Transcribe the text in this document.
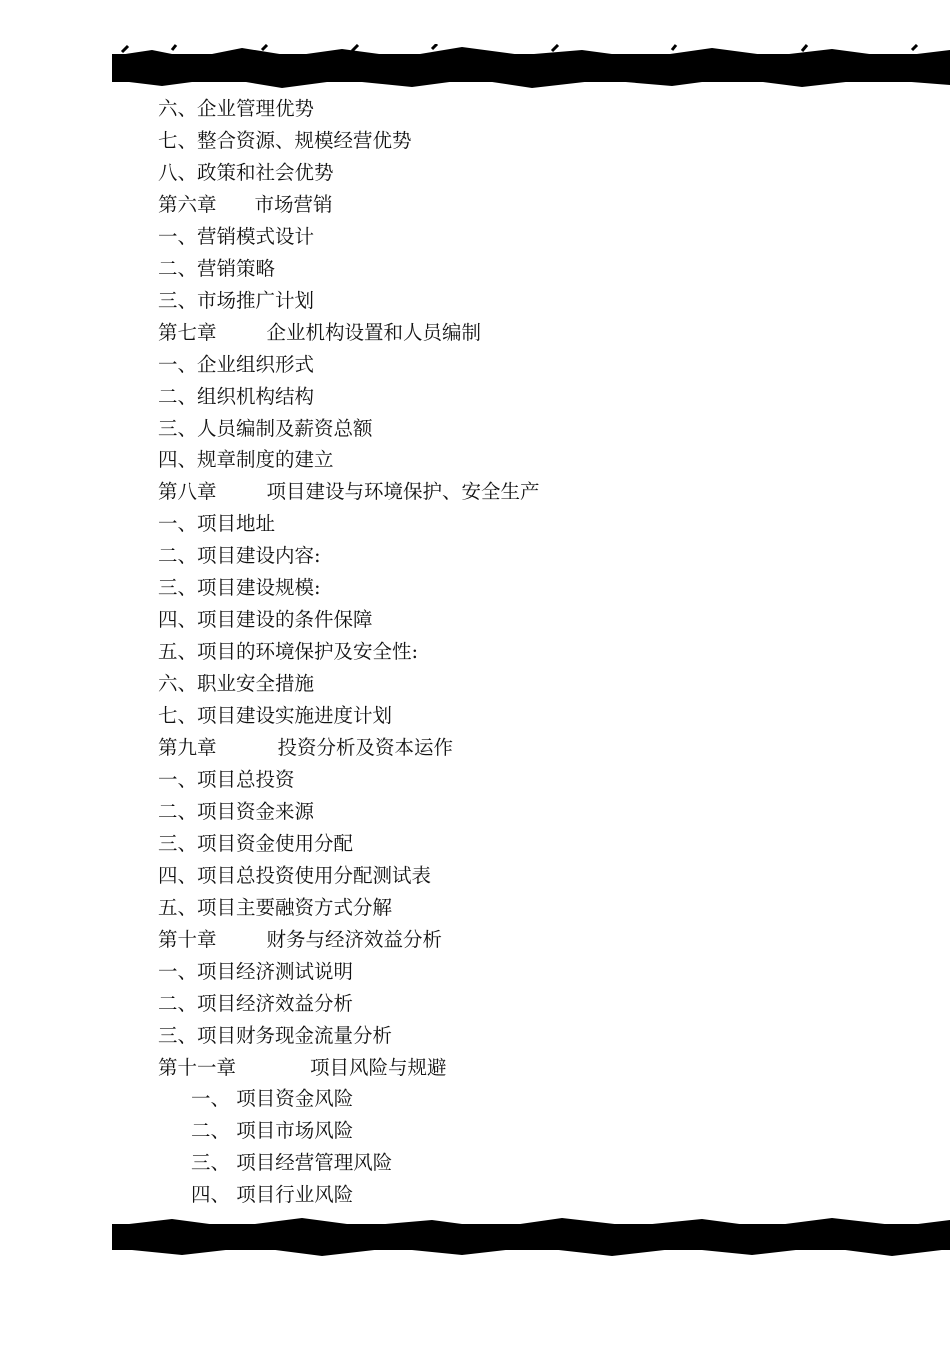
六、企业管理优势
七、整合资源、规模经营优势
八、政策和社会优势
第六章 市场营销
一、营销模式设计
二、营销策略
三、市场推广计划
第七章	企业机构设置和人员编制
一、企业组织形式
二、组织机构结构
三、人员编制及薪资总额
四、规章制度的建立
第八章	项目建设与环境保护、安全生产
一、项目地址
二、项目建设内容:
三、项目建设规模:
四、项目建设的条件保障
五、项目的环境保护及安全性:
六、职业安全措施
七、项目建设实施进度计划
第九章	投资分析及资本运作
一、项目总投资
二、项目资金来源
三、项目资金使用分配
四、项目总投资使用分配测试表
五、项目主要融资方式分解
第十章	财务与经济效益分析
一、项目经济测试说明
二、项目经济效益分析
三、项目财务现金流量分析
第十一章	项目风险与规避
一、 项目资金风险
二、 项目市场风险
三、 项目经营管理风险
四、 项目行业风险
